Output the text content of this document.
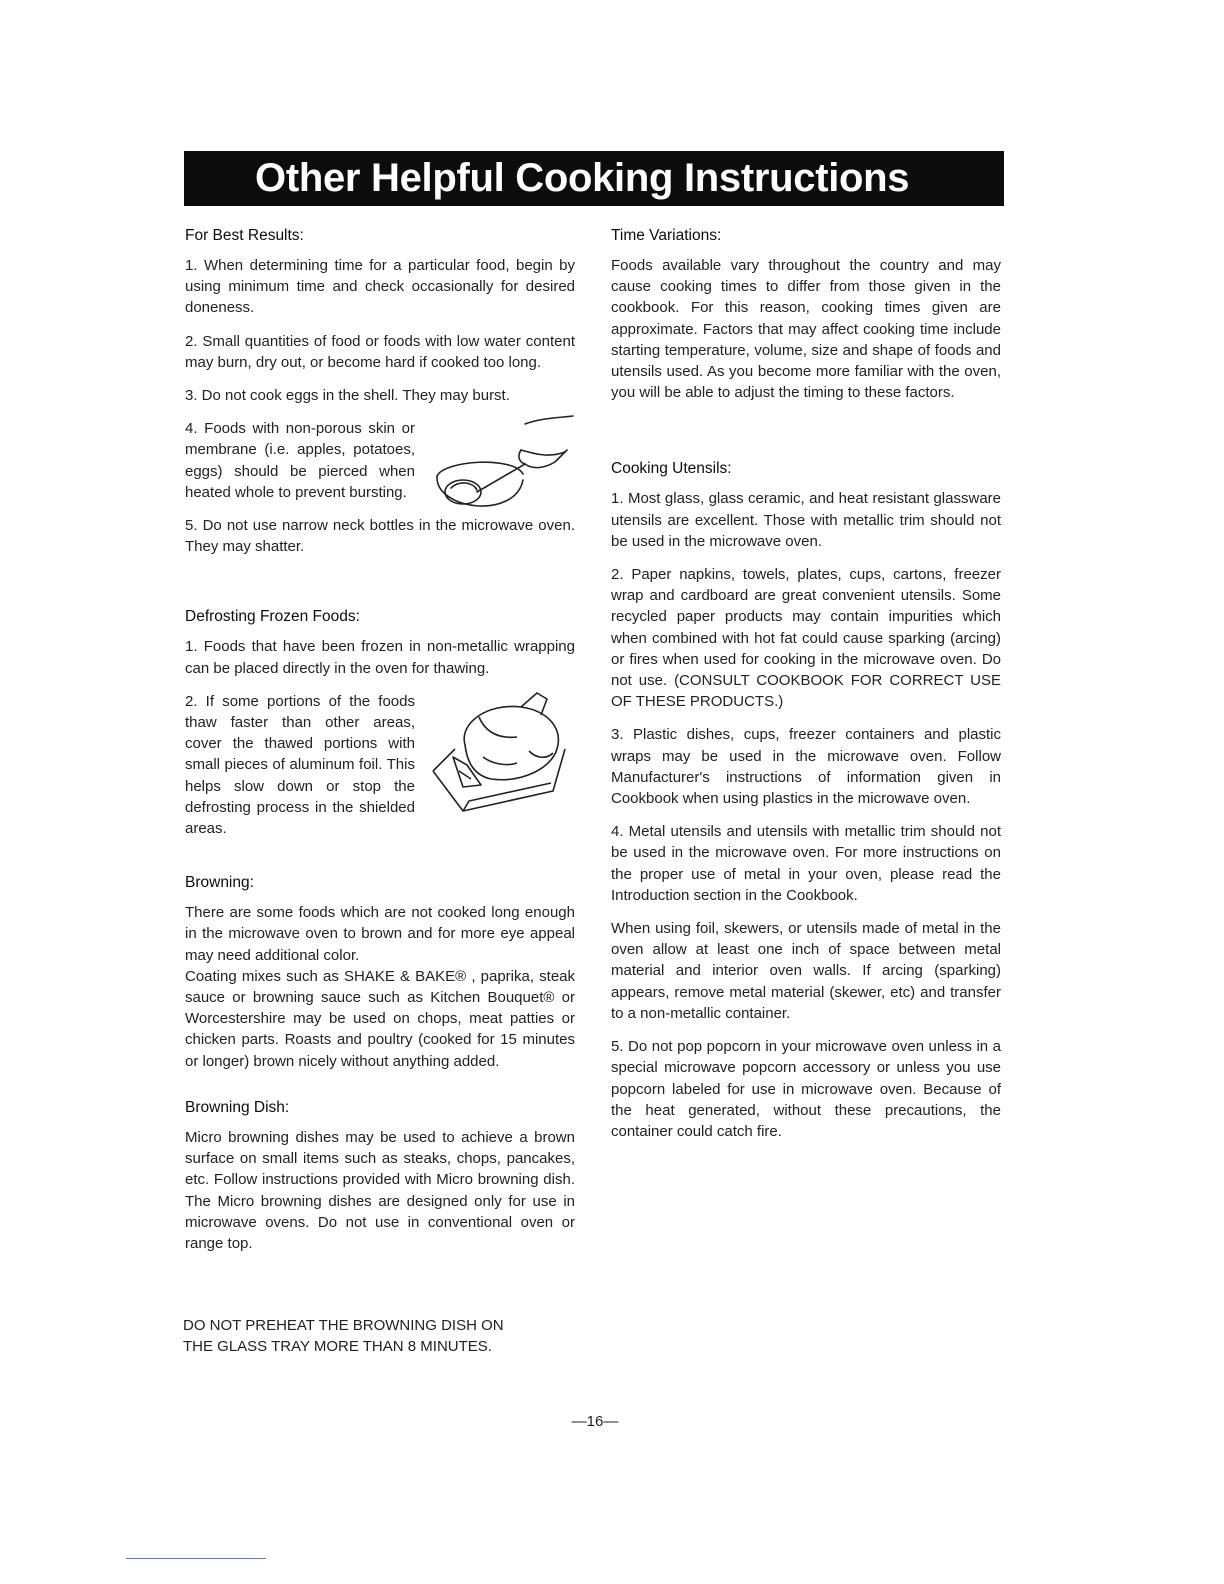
Other Helpful Cooking Instructions
For Best Results:

1. When determining time for a particular food, begin by using minimum time and check occasionally for desired doneness.

2. Small quantities of food or foods with low water content may burn, dry out, or become hard if cooked too long.

3. Do not cook eggs in the shell. They may burst.

4. Foods with non-porous skin or membrane (i.e. apples, potatoes, eggs) should be pierced when heated whole to prevent bursting.

5. Do not use narrow neck bottles in the microwave oven. They may shatter.

Defrosting Frozen Foods:

1. Foods that have been frozen in non-metallic wrapping can be placed directly in the oven for thawing.

2. If some portions of the foods thaw faster than other areas, cover the thawed portions with small pieces of aluminum foil. This helps slow down or stop the defrosting process in the shielded areas.
Browning:

There are some foods which are not cooked long enough in the microwave oven to brown and for more eye appeal may need additional color.

Coating mixes such as SHAKE & BAKE® , paprika, steak sauce or browning sauce such as Kitchen Bouquet® or Worcestershire may be used on chops, meat patties or chicken parts. Roasts and poultry (cooked for 15 minutes or longer) brown nicely without anything added.

Browning Dish:

Micro browning dishes may be used to achieve a brown surface on small items such as steaks, chops, pancakes, etc. Follow instructions provided with Micro browning dish. The Micro browning dishes are designed only for use in microwave ovens. Do not use in conventional oven or range top.

DO NOT PREHEAT THE BROWNING DISH ON
THE GLASS TRAY MORE THAN 8 MINUTES.
Time Variations:

Foods available vary throughout the country and may cause cooking times to differ from those given in the cookbook. For this reason, cooking times given are approximate. Factors that may affect cooking time include starting temperature, volume, size and shape of foods and utensils used. As you become more familiar with the oven, you will be able to adjust the timing to these factors.

Cooking Utensils:

1. Most glass, glass ceramic, and heat resistant glassware utensils are excellent. Those with metallic trim should not be used in the microwave oven.

2. Paper napkins, towels, plates, cups, cartons, freezer wrap and cardboard are great convenient utensils. Some recycled paper products may contain impurities which when combined with hot fat could cause sparking (arcing) or fires when used for cooking in the microwave oven. Do not use. (CONSULT COOKBOOK FOR CORRECT USE OF THESE PRODUCTS.)

3. Plastic dishes, cups, freezer containers and plastic wraps may be used in the microwave oven. Follow Manufacturer's instructions of information given in Cookbook when using plastics in the microwave oven.

4. Metal utensils and utensils with metallic trim should not be used in the microwave oven. For more instructions on the proper use of metal in your oven, please read the Introduction section in the Cookbook.

When using foil, skewers, or utensils made of metal in the oven allow at least one inch of space between metal material and interior oven walls. If arcing (sparking) appears, remove metal material (skewer, etc) and transfer to a non-metallic container.

5. Do not pop popcorn in your microwave oven unless in a special microwave popcorn accessory or unless you use popcorn labeled for use in microwave oven. Because of the heat generated, without these precautions, the container could catch fire.

—16—
